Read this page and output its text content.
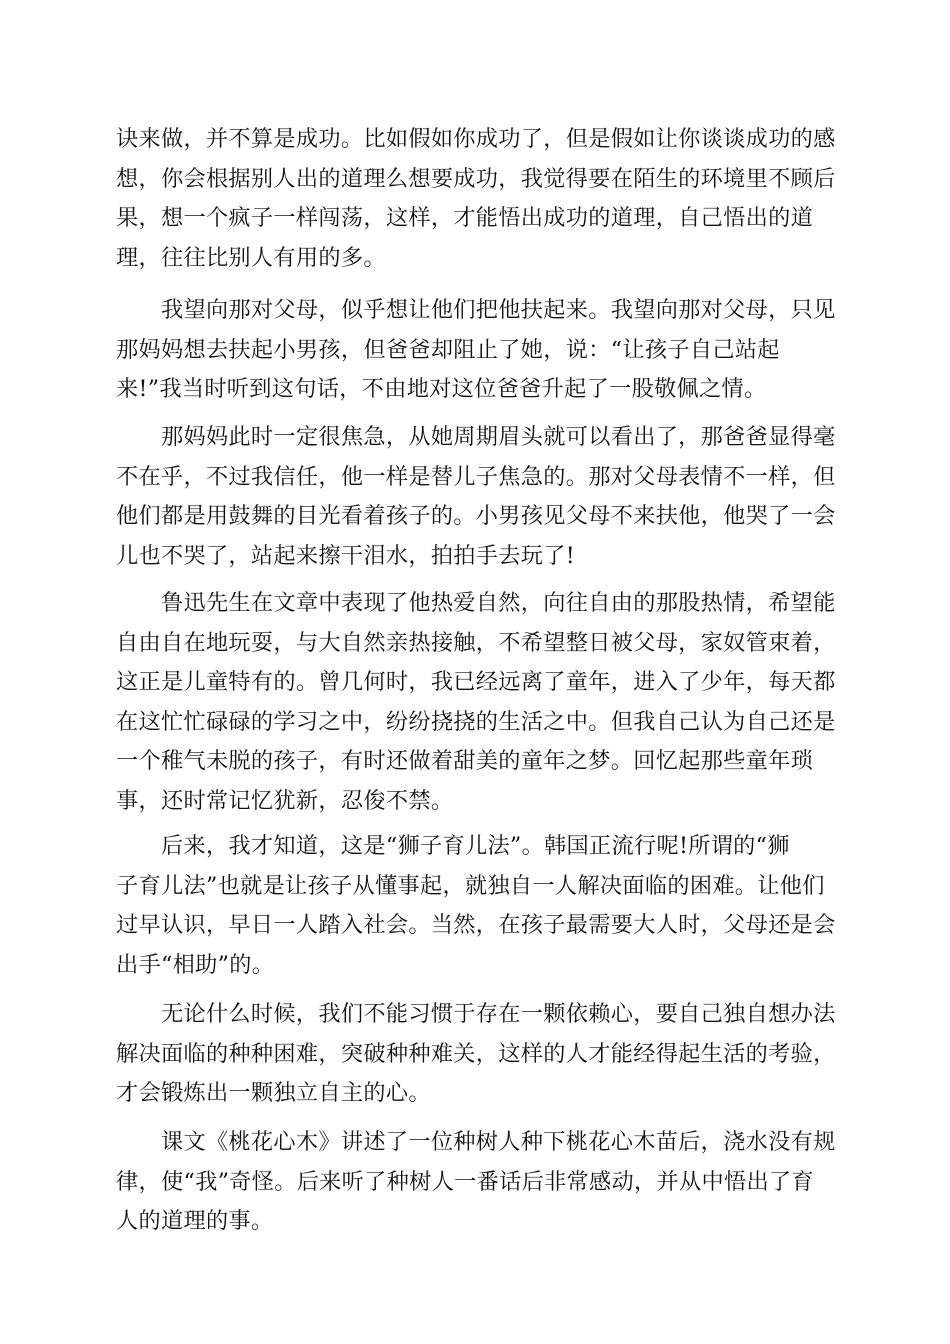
诀来做，并不算是成功。比如假如你成功了，但是假如让你谈谈成功的感
想，你会根据别人出的道理么想要成功，我觉得要在陌生的环境里不顾后
果，想一个疯子一样闯荡，这样，才能悟出成功的道理，自己悟出的道
理，往往比别人有用的多。
　　我望向那对父母，似乎想让他们把他扶起来。我望向那对父母，只见
那妈妈想去扶起小男孩，但爸爸却阻止了她，说：“让孩子自己站起
来!”我当时听到这句话，不由地对这位爸爸升起了一股敬佩之情。
　　那妈妈此时一定很焦急，从她周期眉头就可以看出了，那爸爸显得毫
不在乎，不过我信任，他一样是替儿子焦急的。那对父母表情不一样，但
他们都是用鼓舞的目光看着孩子的。小男孩见父母不来扶他，他哭了一会
儿也不哭了，站起来擦干泪水，拍拍手去玩了!
　　鲁迅先生在文章中表现了他热爱自然，向往自由的那股热情，希望能
自由自在地玩耍，与大自然亲热接触，不希望整日被父母，家奴管束着，
这正是儿童特有的。曾几何时，我已经远离了童年，进入了少年，每天都
在这忙忙碌碌的学习之中，纷纷挠挠的生活之中。但我自己认为自己还是
一个稚气未脱的孩子，有时还做着甜美的童年之梦。回忆起那些童年琐
事，还时常记忆犹新，忍俊不禁。
　　后来，我才知道，这是“狮子育儿法”。韩国正流行呢!所谓的“狮
子育儿法”也就是让孩子从懂事起，就独自一人解决面临的困难。让他们
过早认识，早日一人踏入社会。当然，在孩子最需要大人时，父母还是会
出手“相助”的。
　　无论什么时候，我们不能习惯于存在一颗依赖心，要自己独自想办法
解决面临的种种困难，突破种种难关，这样的人才能经得起生活的考验，
才会锻炼出一颗独立自主的心。
　　课文《桃花心木》讲述了一位种树人种下桃花心木苗后，浇水没有规
律，使“我”奇怪。后来听了种树人一番话后非常感动，并从中悟出了育
人的道理的事。
